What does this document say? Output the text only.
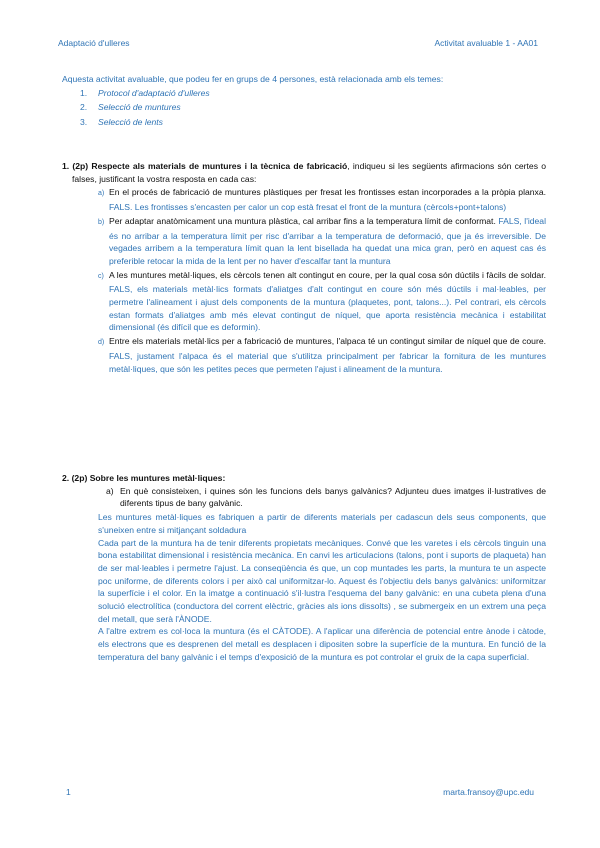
Adaptació d'ulleres	Activitat avaluable 1 - AA01

Aquesta activitat avaluable, que podeu fer en grups de 4 persones, està relacionada amb els temes:

1. Protocol d'adaptació d'ulleres
2. Selecció de muntures
3. Selecció de lents

1. (2p) Respecte als materials de muntures i la tècnica de fabricació, indiqueu si les següents afirmacions són certes o falses, justificant la vostra resposta en cada cas:

a) En el procés de fabricació de muntures plàstiques per fresat les frontisses estan incorporades a la pròpia planxa. FALS. Les frontisses s'encasten per calor un cop està fresat el front de la muntura (cèrcols+pont+talons)

b) Per adaptar anatòmicament una muntura plàstica, cal arribar fins a la temperatura límit de conformat. FALS, l'ideal és no arribar a la temperatura límit per risc d'arribar a la temperatura de deformació, que ja és irreversible. De vegades arribem a la temperatura límit quan la lent bisellada ha quedat una mica gran, però en aquest cas és preferible retocar la mida de la lent per no haver d'escalfar tant la muntura

c) A les muntures metàl·liques, els cèrcols tenen alt contingut en coure, per la qual cosa són dúctils i fàcils de soldar. FALS, els materials metàl·lics formats d'aliatges d'alt contingut en coure són més dúctils i mal·leables, per permetre l'alineament i ajust dels components de la muntura (plaquetes, pont, talons...). Pel contrari, els cèrcols estan formats d'aliatges amb més elevat contingut de níquel, que aporta resistència mecànica i estabilitat dimensional (és difícil que es deformin).

d) Entre els materials metàl·lics per a fabricació de muntures, l'alpaca té un contingut similar de níquel que de coure. FALS, justament l'alpaca és el material que s'utilitza principalment per fabricar la fornitura de les muntures metàl·liques, que són les petites peces que permeten l'ajust i alineament de la muntura.

2. (2p) Sobre les muntures metàl·liques:

a) En què consisteixen, i quines són les funcions dels banys galvànics? Adjunteu dues imatges il·lustratives de diferents tipus de bany galvànic.

Les muntures metàl·liques es fabriquen a partir de diferents materials per cadascun dels seus components, que s'uneixen entre si mitjançant soldadura

Cada part de la muntura ha de tenir diferents propietats mecàniques. Convé que les varetes i els cèrcols tinguin una bona estabilitat dimensional i resistència mecànica. En canvi les articulacions (talons, pont i suports de plaqueta) han de ser mal·leables i permetre l'ajust. La conseqüència és que, un cop muntades les parts, la muntura te un aspecte poc uniforme, de diferents colors i per això cal uniformitzar-lo. Aquest és l'objectiu dels banys galvànics: uniformitzar la superfície i el color. En la imatge a continuació s'il·lustra l'esquema del bany galvànic: en una cubeta plena d'una solució electrolítica (conductora del corrent elèctric, gràcies als ions dissolts) , se submergeix en un extrem una peça del metall, que serà l'ÀNODE.

A l'altre extrem es col·loca la muntura (és el CÀTODE). A l'aplicar una diferència de potencial entre ànode i càtode, els electrons que es desprenen del metall es desplacen i dipositen sobre la superfície de la muntura. En funció de la temperatura del bany galvànic i el temps d'exposició de la muntura es pot controlar el gruix de la capa superficial.

1	marta.fransoy@upc.edu
